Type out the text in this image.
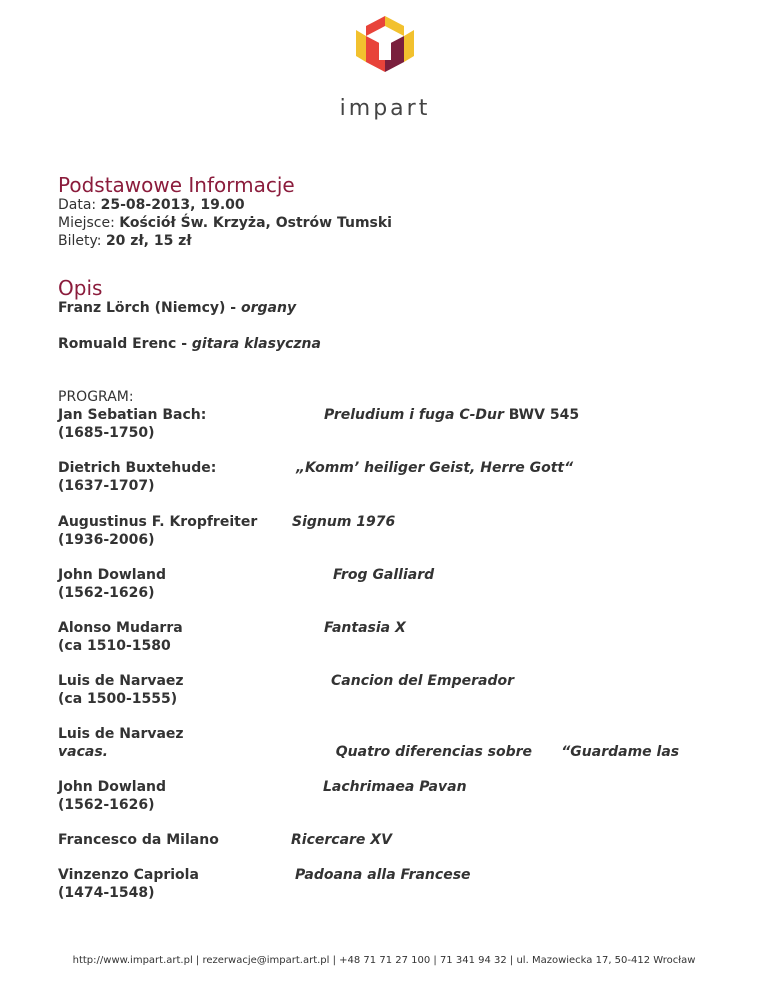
impart
Podstawowe Informacje
Data: 25-08-2013, 19.00
Miejsce: Kościół Św. Krzyża, Ostrów Tumski
Bilety: 20 zł, 15 zł
Opis
Franz Lörch (Niemcy) - organy
Romuald Erenc - gitara klasyczna
PROGRAM:
Jan Sebatian Bach:
(1685-1750)
Preludium i fuga C-Dur BWV 545
Dietrich Buxtehude:
(1637-1707)
„Komm’ heiliger Geist, Herre Gott“
Augustinus F. Kropfreiter
(1936-2006)
Signum 1976
John Dowland
(1562-1626)
Frog Galliard
Alonso Mudarra
(ca 1510-1580
Fantasia X
Luis de Narvaez
(ca 1500-1555)
Cancion del Emperador
Luis de Narvaez
vacas.	Quatro diferencias sobre      “Guardame las

John Dowland
(1562-1626)
Lachrimaea Pavan
Francesco da Milano	Ricercare XV
Vinzenzo Capriola
(1474-1548)
Padoana alla Francese
http://www.impart.art.pl | rezerwacje@impart.art.pl | +48 71 71 27 100 | 71 341 94 32 | ul. Mazowiecka 17, 50-412 Wrocław
